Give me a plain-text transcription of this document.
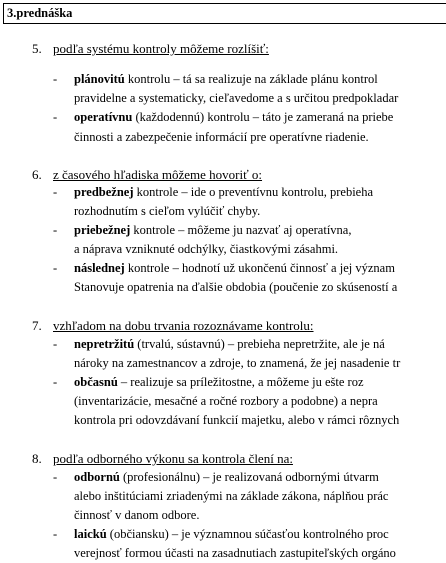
3.prednáška
5. podľa systému kontroly môžeme rozlíšiť:
- plánovitú kontrolu – tá sa realizuje na základe plánu kontrol
pravidelne a systematicky, cieľavedome a s určitou predpokladar
- operatívnu (každodennú) kontrolu – táto je zameraná na priebe
činnosti a zabezpečenie informácií pre operatívne riadenie.
6. z časového hľadiska môžeme hovoriť o:
- predbežnej kontrole – ide o preventívnu kontrolu, prebieha
rozhodnutím s cieľom vylúčiť chyby.
- priebežnej kontrole – môžeme ju nazvať aj operatívna,
a náprava vzniknuté odchýlky, čiastkovými zásahmi.
- následnej kontrole – hodnotí už ukončenú činnosť a jej význam
Stanovuje opatrenia na ďalšie obdobia (poučenie zo skúseností a
7. vzhľadom na dobu trvania rozoznávame kontrolu:
- nepretržitú (trvalú, sústavnú) – prebieha nepretržite, ale je ná
nároky na zamestnancov a zdroje, to znamená, že jej nasadenie tr
- občasnú – realizuje sa príležitostne, a môžeme ju ešte roz
(inventarizácie, mesačné a ročné rozbory a podobne) a nepra
kontrola pri odovzdávaní funkcií majetku, alebo v rámci rôznych
8. podľa odborného výkonu sa kontrola člení na:
- odbornú (profesionálnu) – je realizovaná odbornými útvarm
alebo inštitúciami zriadenými na základe zákona, náplňou prác
činnosť v danom odbore.
- laickú (občiansku) – je významnou súčasťou kontrolného proc
verejnosť formou účasti na zasadnutiach zastupiteľských orgáno
